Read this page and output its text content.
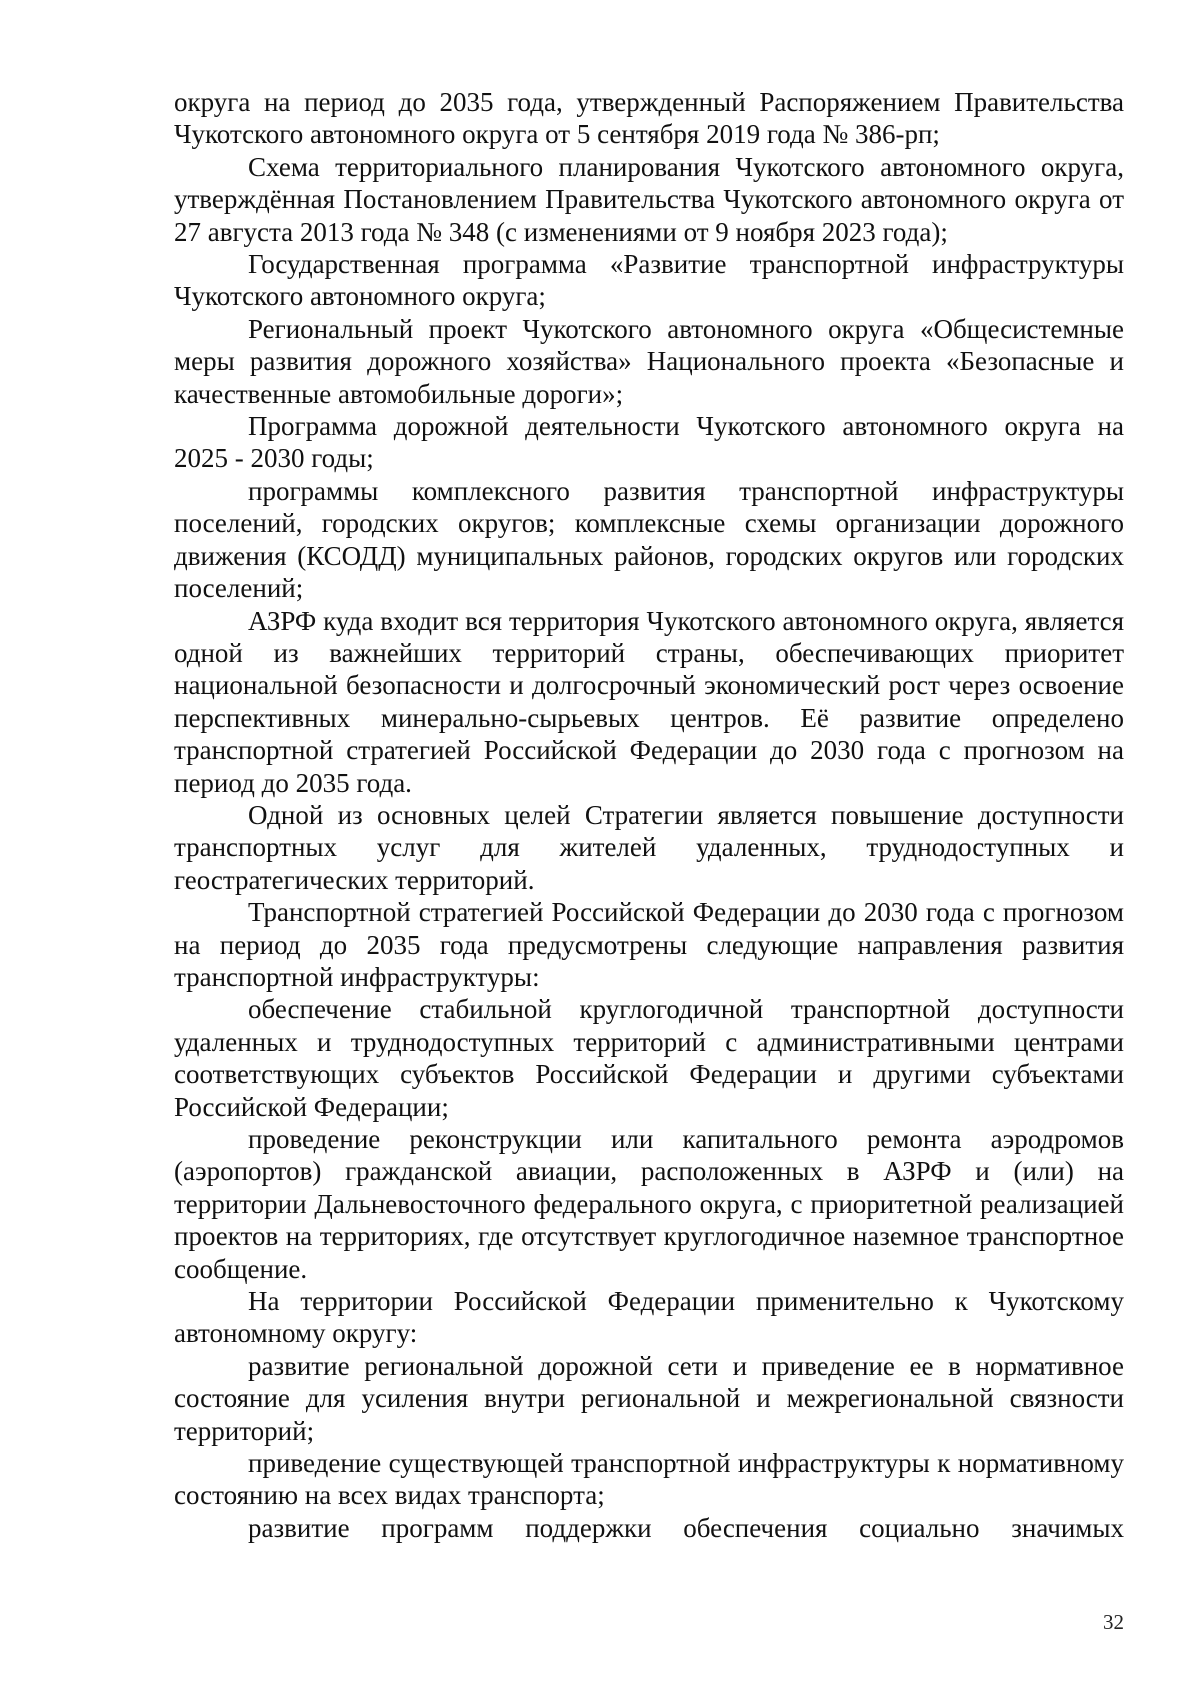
округа на период до 2035 года, утвержденный Распоряжением Правительства Чукотского автономного округа от 5 сентября 2019 года № 386-рп;

Схема территориального планирования Чукотского автономного округа, утверждённая Постановлением Правительства Чукотского автономного округа от 27 августа 2013 года № 348 (с изменениями от 9 ноября 2023 года);

Государственная программа «Развитие транспортной инфраструктуры Чукотского автономного округа;

Региональный проект Чукотского автономного округа «Общесистемные меры развития дорожного хозяйства» Национального проекта «Безопасные и качественные автомобильные дороги»;

Программа дорожной деятельности Чукотского автономного округа на 2025 - 2030 годы;

программы комплексного развития транспортной инфраструктуры поселений, городских округов; комплексные схемы организации дорожного движения (КСОДД) муниципальных районов, городских округов или городских поселений;

АЗРФ куда входит вся территория Чукотского автономного округа, является одной из важнейших территорий страны, обеспечивающих приоритет национальной безопасности и долгосрочный экономический рост через освоение перспективных минерально-сырьевых центров. Её развитие определено транспортной стратегией Российской Федерации до 2030 года с прогнозом на период до 2035 года.

Одной из основных целей Стратегии является повышение доступности транспортных услуг для жителей удаленных, труднодоступных и геостратегических территорий.

Транспортной стратегией Российской Федерации до 2030 года с прогнозом на период до 2035 года предусмотрены следующие направления развития транспортной инфраструктуры:

обеспечение стабильной круглогодичной транспортной доступности удаленных и труднодоступных территорий с административными центрами соответствующих субъектов Российской Федерации и другими субъектами Российской Федерации;

проведение реконструкции или капитального ремонта аэродромов (аэропортов) гражданской авиации, расположенных в АЗРФ и (или) на территории Дальневосточного федерального округа, с приоритетной реализацией проектов на территориях, где отсутствует круглогодичное наземное транспортное сообщение.

На территории Российской Федерации применительно к Чукотскому автономному округу:

развитие региональной дорожной сети и приведение ее в нормативное состояние для усиления внутри региональной и межрегиональной связности территорий;

приведение существующей транспортной инфраструктуры к нормативному состоянию на всех видах транспорта;

развитие программ поддержки обеспечения социально значимых

32
